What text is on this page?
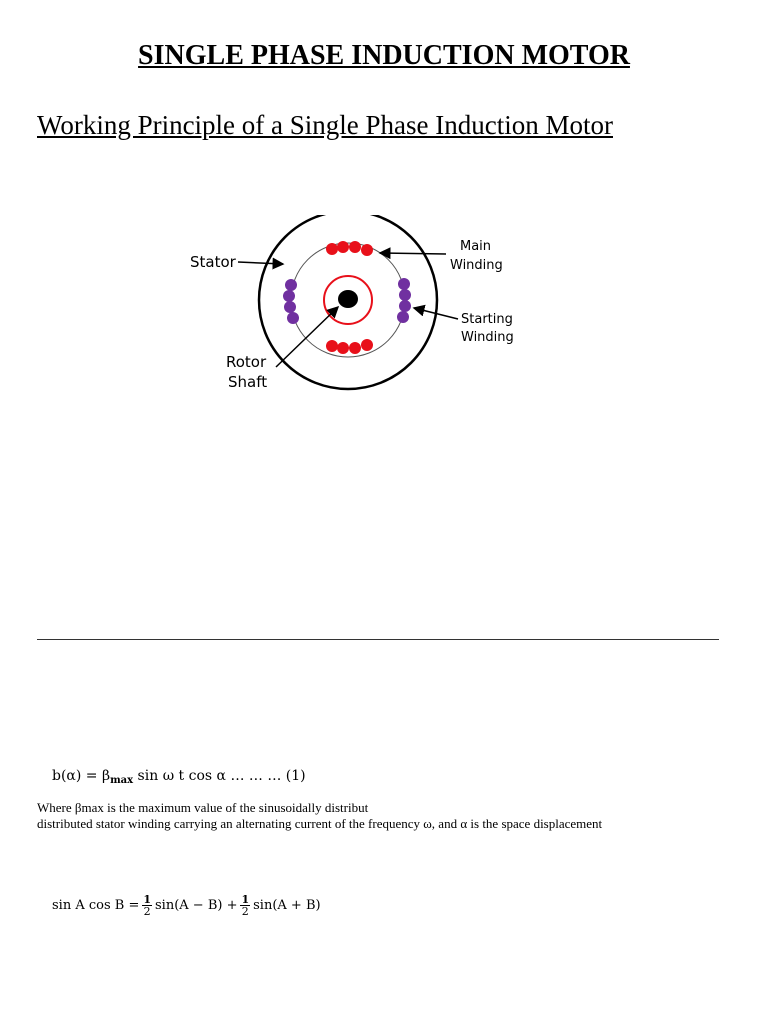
SINGLE PHASE INDUCTION MOTOR
Working Principle of a Single Phase Induction Motor
Stator
Main
Winding
Starting
Winding
Rotor
Shaft
$b(\alpha) = \beta_{max}$ sin ω t cos α … … … (1)
Where βmax is the maximum value of the sinusoidally distribut
distributed stator winding carrying an alternating current of the frequency ω, and α is the space displacement
sin A $\cos B = \frac{1}{2} \sin(A - B) + \frac{1}{2} \sin(A + B)$
